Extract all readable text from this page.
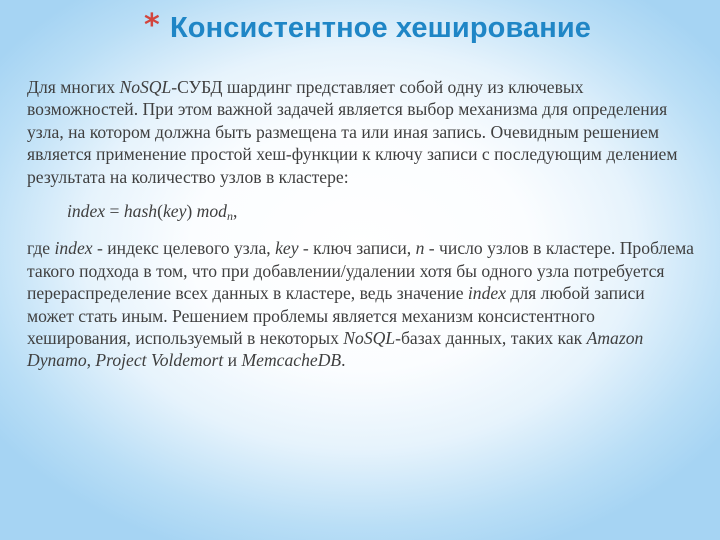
* Консистентное хеширование

Для многих NoSQL-СУБД шардинг представляет собой одну из ключевых возможностей. При этом важной задачей является выбор механизма для определения узла, на котором должна быть размещена та или иная запись. Очевидным решением является применение простой хеш-функции к ключу записи с последующим делением результата на количество узлов в кластере:

index = hash(key) mod$_n$,

где index - индекс целевого узла, key - ключ записи, n - число узлов в кластере. Проблема такого подхода в том, что при добавлении/удалении хотя бы одного узла потребуется перераспределение всех данных в кластере, ведь значение index для любой записи может стать иным. Решением проблемы является механизм консистентного хеширования, используемый в некоторых NoSQL-базах данных, таких как Amazon Dynamo, Project Voldemort и MemcacheDB.
